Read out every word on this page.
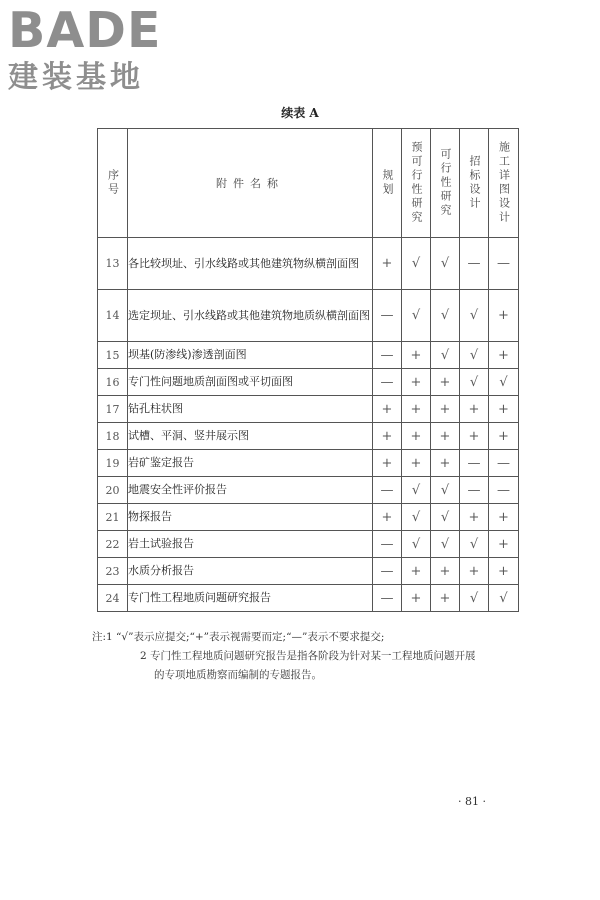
BADE
建装基地
续表 A
序号	附件名称	规划	预可行性研究	可行性研究	招标设计	施工详图设计
13	各比较坝址、引水线路或其他建筑物纵横剖面图	+	√	√	—	—
14	选定坝址、引水线路或其他建筑物地质纵横剖面图	—	√	√	√	+
15	坝基(防渗线)渗透剖面图	—	+	√	√	+
16	专门性问题地质剖面图或平切面图	—	+	+	√	√
17	钻孔柱状图	+	+	+	+	+
18	试槽、平洞、竖井展示图	+	+	+	+	+
19	岩矿鉴定报告	+	+	+	—	—
20	地震安全性评价报告	—	√	√	—	—
21	物探报告	+	√	√	+	+
22	岩土试验报告	—	√	√	√	+
23	水质分析报告	—	+	+	+	+
24	专门性工程地质问题研究报告	—	+	+	√	√
注:1 “√”表示应提交;“+”表示视需要而定;“—”表示不要求提交;
2 专门性工程地质问题研究报告是指各阶段为针对某一工程地质问题开展
的专项地质勘察而编制的专题报告。
· 81 ·
